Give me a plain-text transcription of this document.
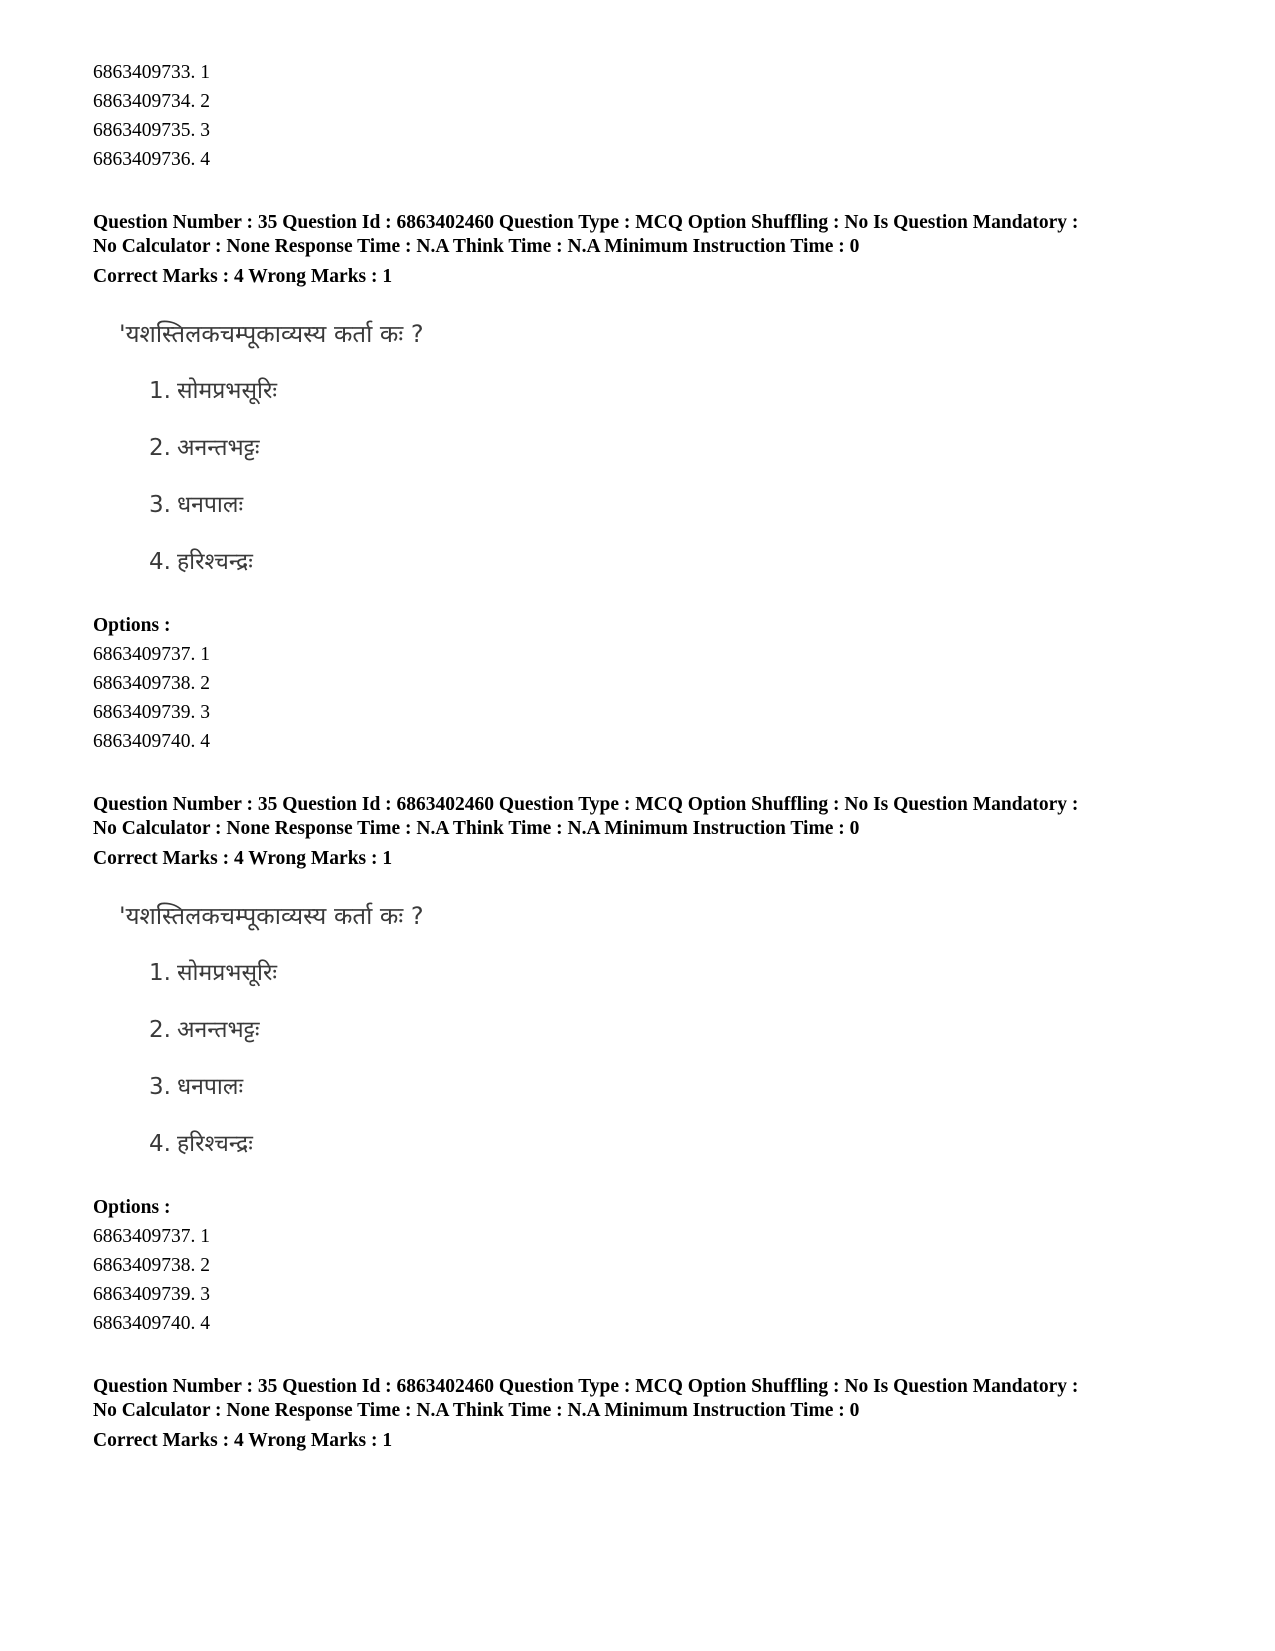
6863409733. 1
6863409734. 2
6863409735. 3
6863409736. 4
Question Number : 35 Question Id : 6863402460 Question Type : MCQ Option Shuffling : No Is Question Mandatory :
No Calculator : None Response Time : N.A Think Time : N.A Minimum Instruction Time : 0
Correct Marks : 4 Wrong Marks : 1
'यशस्तिलकचम्पूकाव्यस्य कर्ता कः ?
1. सोमप्रभसूरिः
2. अनन्तभट्टः
3. धनपालः
4. हरिश्चन्द्रः
Options :
6863409737. 1
6863409738. 2
6863409739. 3
6863409740. 4
Question Number : 35 Question Id : 6863402460 Question Type : MCQ Option Shuffling : No Is Question Mandatory :
No Calculator : None Response Time : N.A Think Time : N.A Minimum Instruction Time : 0
Correct Marks : 4 Wrong Marks : 1
'यशस्तिलकचम्पूकाव्यस्य कर्ता कः ?
1. सोमप्रभसूरिः
2. अनन्तभट्टः
3. धनपालः
4. हरिश्चन्द्रः
Options :
6863409737. 1
6863409738. 2
6863409739. 3
6863409740. 4
Question Number : 35 Question Id : 6863402460 Question Type : MCQ Option Shuffling : No Is Question Mandatory :
No Calculator : None Response Time : N.A Think Time : N.A Minimum Instruction Time : 0
Correct Marks : 4 Wrong Marks : 1
